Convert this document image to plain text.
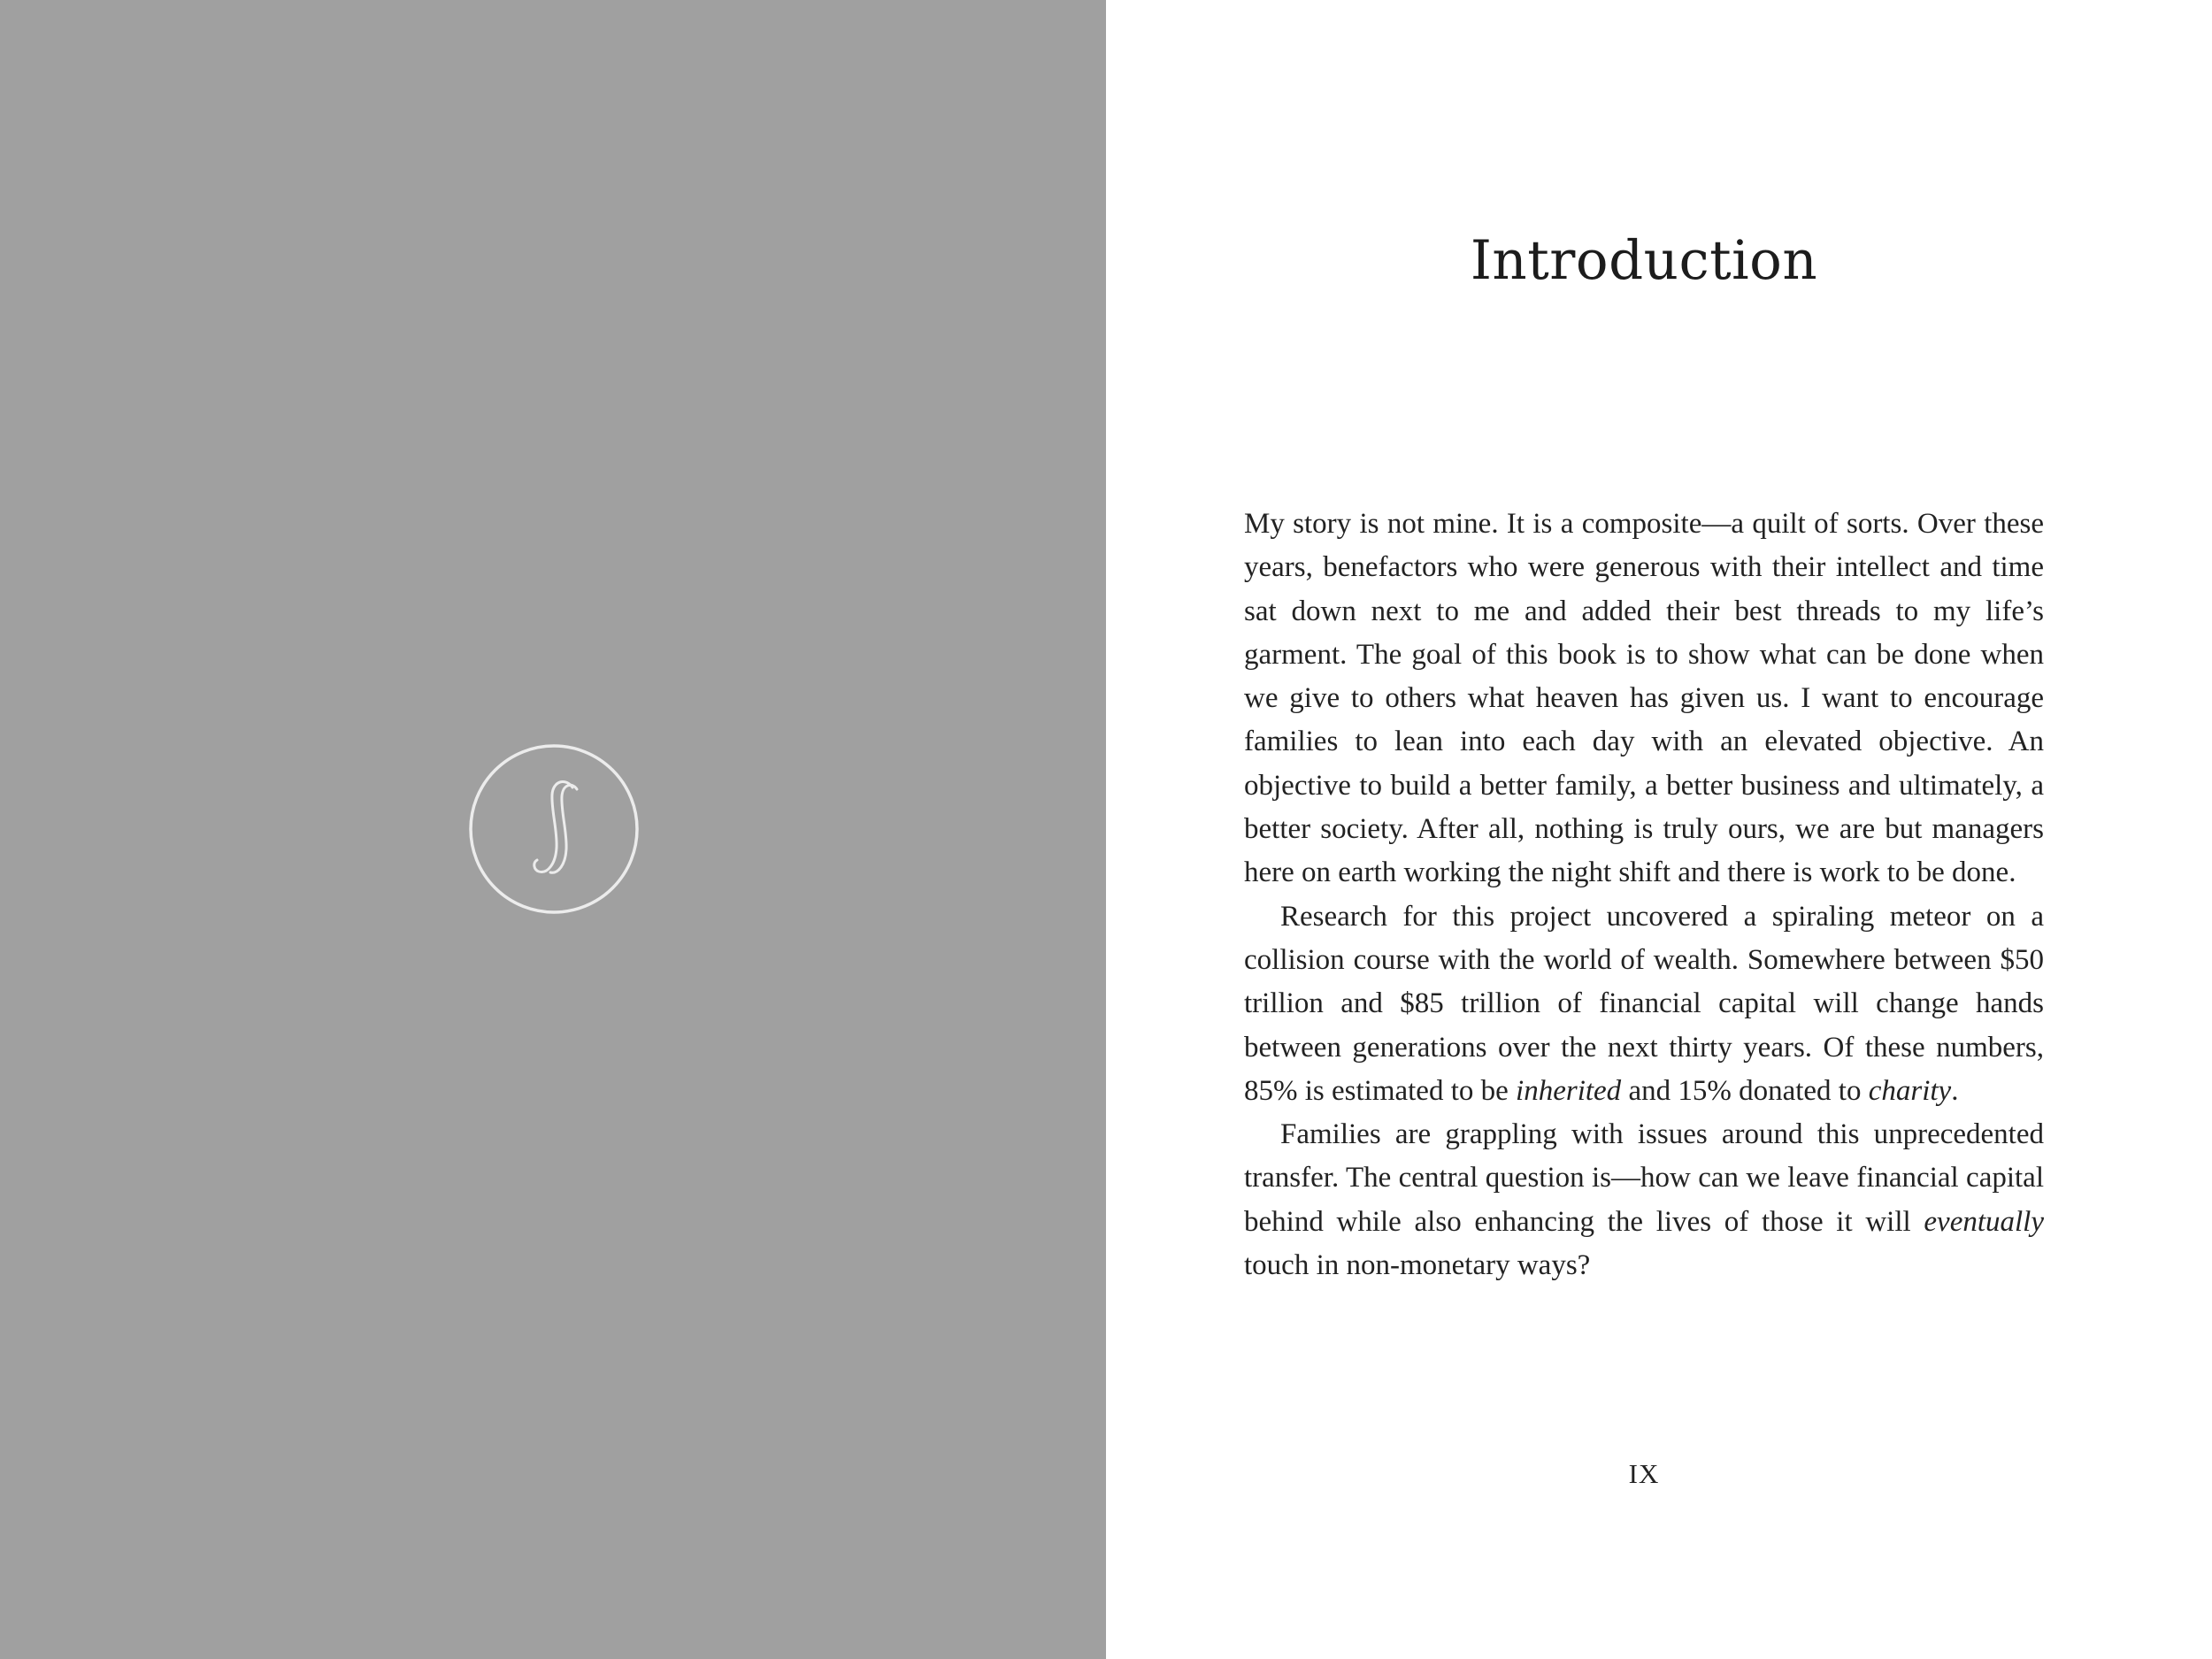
Introduction

My story is not mine. It is a composite—a quilt of sorts. Over these years, benefactors who were generous with their intellect and time sat down next to me and added their best threads to my life’s garment. The goal of this book is to show what can be done when we give to others what heaven has given us. I want to encourage families to lean into each day with an elevated objective. An objective to build a better family, a better business and ultimately, a better society. After all, nothing is truly ours, we are but managers here on earth working the night shift and there is work to be done.

Research for this project uncovered a spiraling meteor on a collision course with the world of wealth. Somewhere between $50 trillion and $85 trillion of financial capital will change hands between generations over the next thirty years. Of these numbers, 85% is estimated to be inherited and 15% donated to charity.

Families are grappling with issues around this unprecedented transfer. The central question is—how can we leave financial capital behind while also enhancing the lives of those it will eventually touch in non-monetary ways?

IX
